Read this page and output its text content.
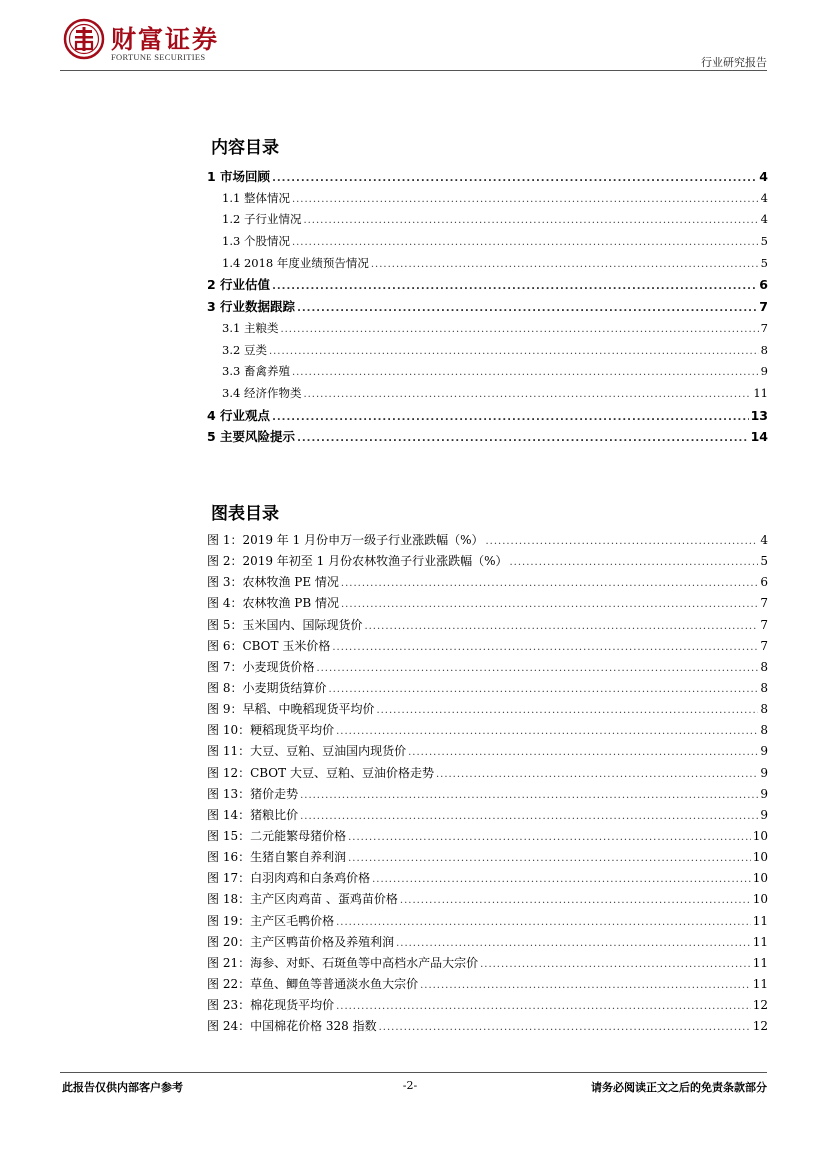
财富证券
FORTUNE SECURITIES	行业研究报告
内容目录
1 市场回顾 .....	4
1.1 整体情况 .....	4
1.2 子行业情况 .....	4
1.3 个股情况 .....	5
1.4 2018 年度业绩预告情况 .....	5
2 行业估值 .....	6
3 行业数据跟踪 .....	7
3.1 主粮类 .....	7
3.2 豆类 .....	8
3.3 畜禽养殖 .....	9
3.4 经济作物类 .....	11
4 行业观点 .....	13
5 主要风险提示 .....	14
图表目录
图 1：2019 年 1 月份申万一级子行业涨跌幅（%） .....	4
图 2：2019 年初至 1 月份农林牧渔子行业涨跌幅（%） .....	5
图 3：农林牧渔 PE 情况 .....	6
图 4：农林牧渔 PB 情况 .....	7
图 5：玉米国内、国际现货价 .....	7
图 6：CBOT 玉米价格 .....	7
图 7：小麦现货价格 .....	8
图 8：小麦期货结算价 .....	8
图 9：早稻、中晚稻现货平均价 .....	8
图 10：粳稻现货平均价 .....	8
图 11：大豆、豆粕、豆油国内现货价 .....	9
图 12：CBOT 大豆、豆粕、豆油价格走势 .....	9
图 13：猪价走势 .....	9
图 14：猪粮比价 .....	9
图 15：二元能繁母猪价格 .....	10
图 16：生猪自繁自养利润 .....	10
图 17：白羽肉鸡和白条鸡价格 .....	10
图 18：主产区肉鸡苗 、蛋鸡苗价格 .....	10
图 19：主产区毛鸭价格 .....	11
图 20：主产区鸭苗价格及养殖利润 .....	11
图 21：海参、对虾、石斑鱼等中高档水产品大宗价 .....	11
图 22：草鱼、鲫鱼等普通淡水鱼大宗价 .....	11
图 23：棉花现货平均价 .....	12
图 24：中国棉花价格 328 指数 .....	12
此报告仅供内部客户参考	-2-	请务必阅读正文之后的免责条款部分
